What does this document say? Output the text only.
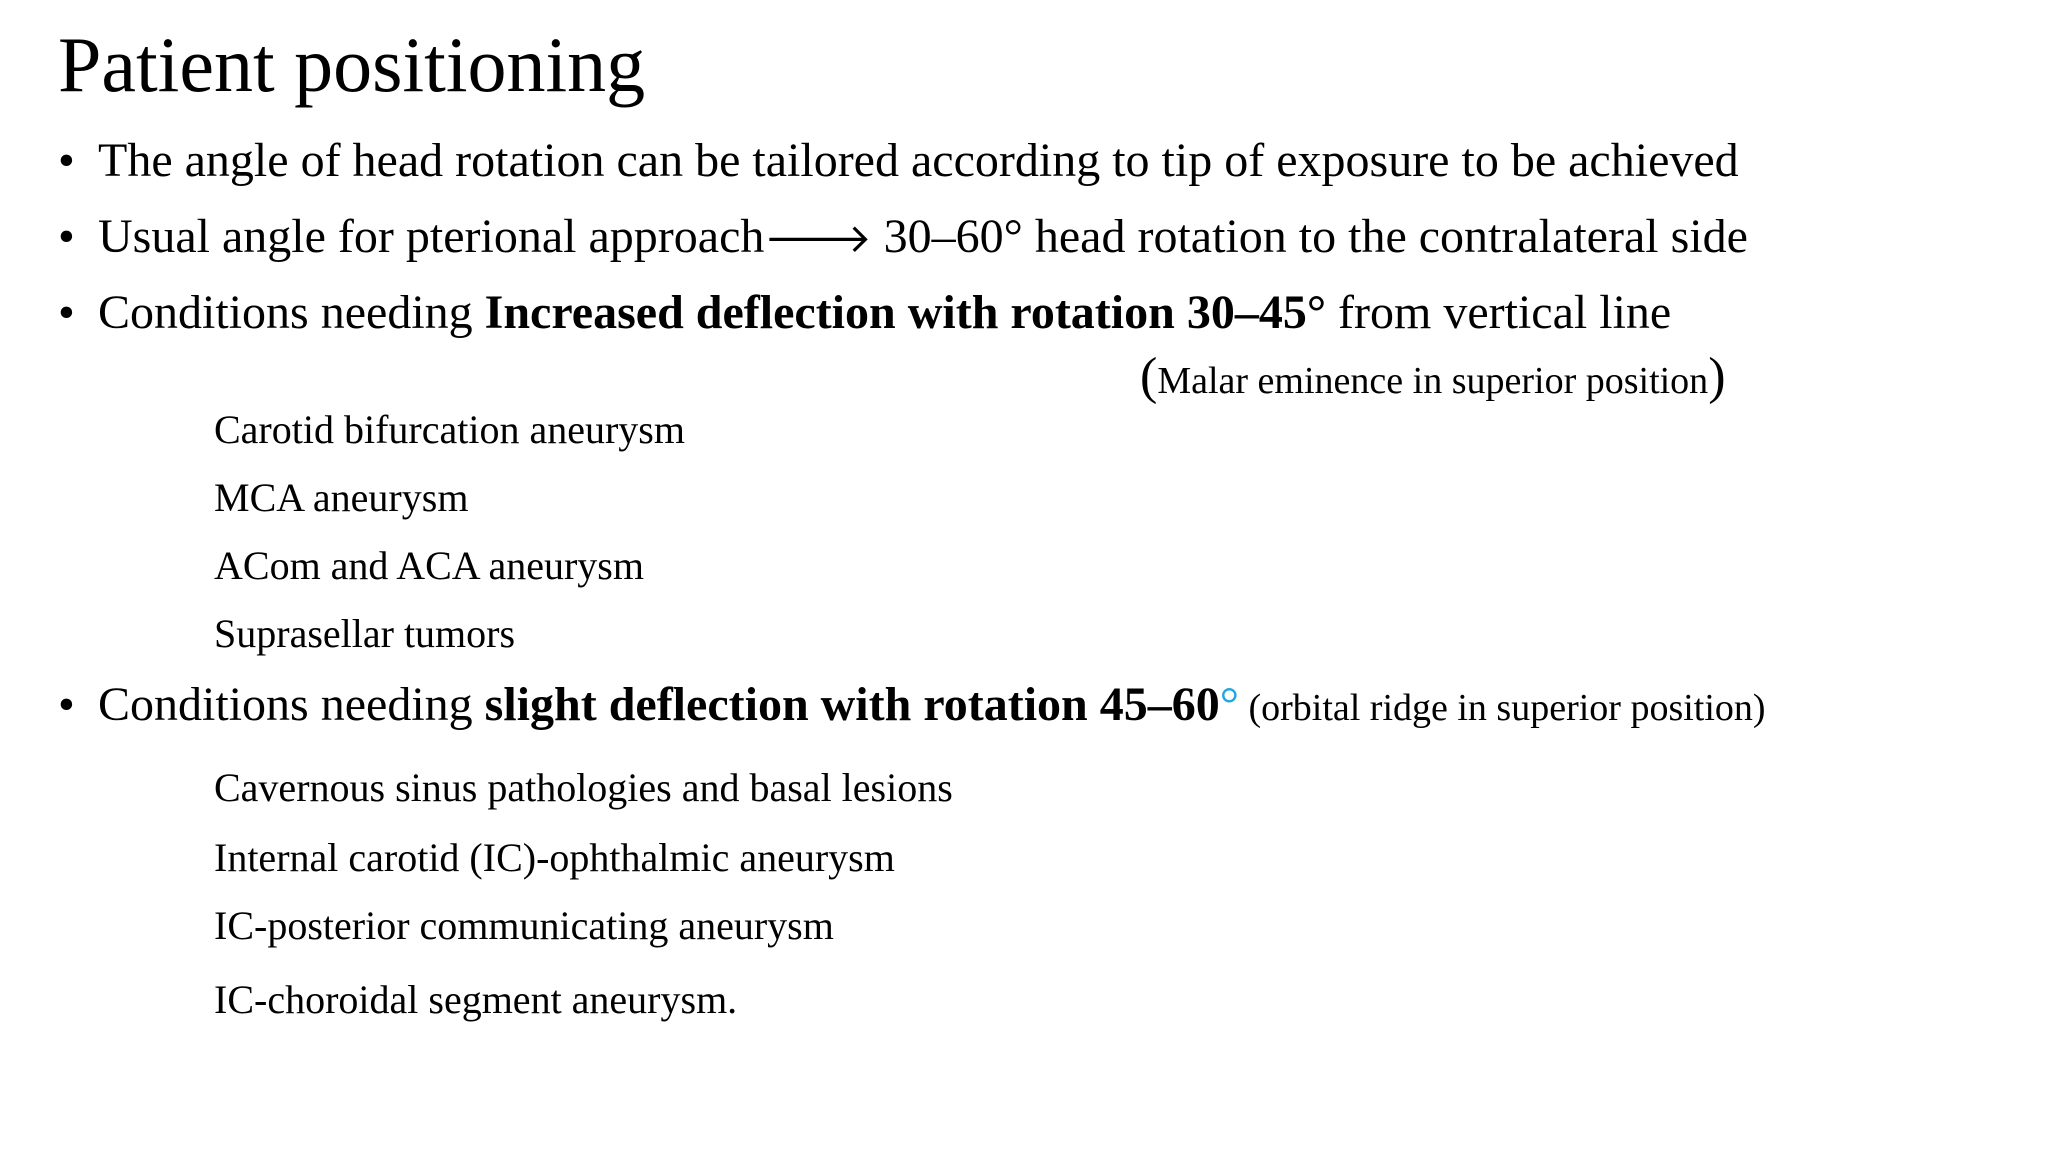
Patient positioning
• The angle of head rotation can be tailored according to tip of exposure to be achieved
• Usual angle for pterional approach🡒 30–60° head rotation to the contralateral side
• Conditions needing Increased deflection with rotation 30–45° from vertical line
(Malar eminence in superior position)
Carotid bifurcation aneurysm
MCA aneurysm
ACom and ACA aneurysm
Suprasellar tumors
• Conditions needing slight deflection with rotation 45–60° (orbital ridge in superior position)
Cavernous sinus pathologies and basal lesions
Internal carotid (IC)-ophthalmic aneurysm
IC-posterior communicating aneurysm
IC-choroidal segment aneurysm.
